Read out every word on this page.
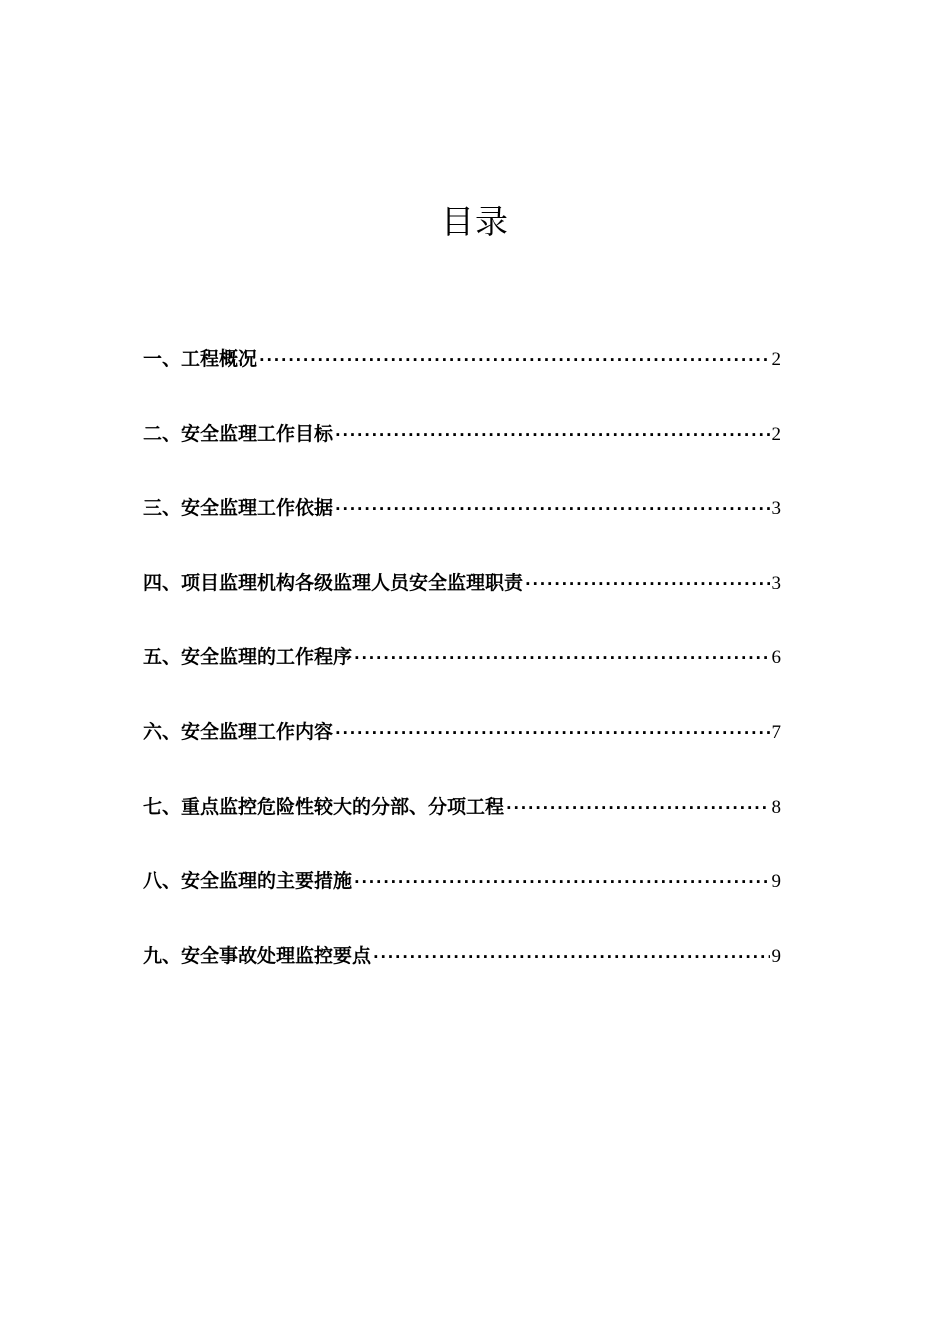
目录
一、工程概况 ·····	2
二、安全监理工作目标 ·····	2
三、安全监理工作依据 ·····	3
四、项目监理机构各级监理人员安全监理职责 ·····	3
五、安全监理的工作程序 ·····	6
六、安全监理工作内容 ·····	7
七、重点监控危险性较大的分部、分项工程 ·····	8
八、安全监理的主要措施 ·····	9
九、安全事故处理监控要点 ·····	9
